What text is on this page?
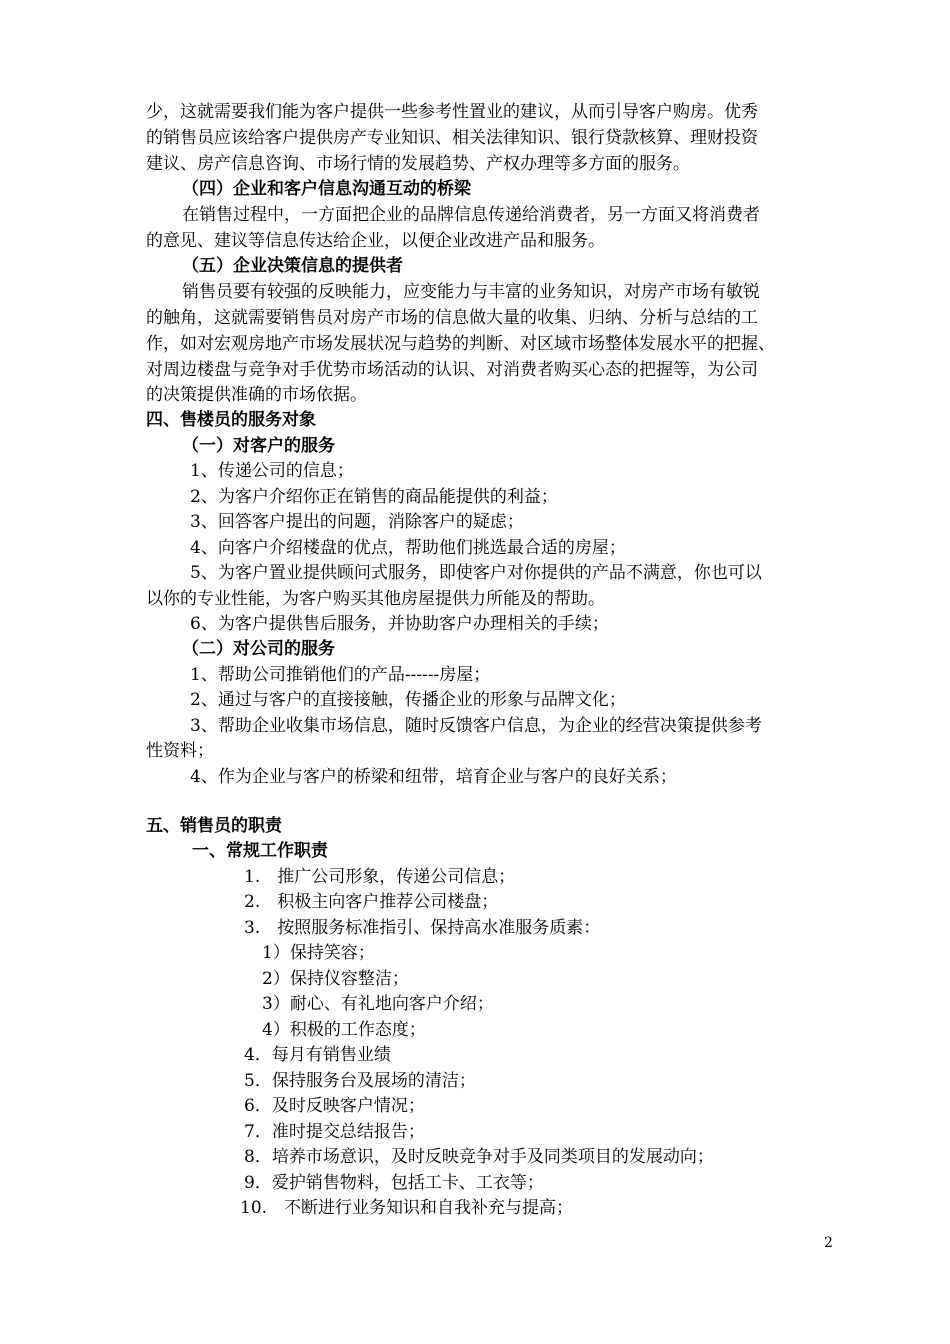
少，这就需要我们能为客户提供一些参考性置业的建议，从而引导客户购房。优秀
的销售员应该给客户提供房产专业知识、相关法律知识、银行贷款核算、理财投资
建议、房产信息咨询、市场行情的发展趋势、产权办理等多方面的服务。
（四）企业和客户信息沟通互动的桥梁
在销售过程中，一方面把企业的品牌信息传递给消费者，另一方面又将消费者
的意见、建议等信息传达给企业，以便企业改进产品和服务。
（五）企业决策信息的提供者
销售员要有较强的反映能力，应变能力与丰富的业务知识，对房产市场有敏锐
的触角，这就需要销售员对房产市场的信息做大量的收集、归纳、分析与总结的工
作，如对宏观房地产市场发展状况与趋势的判断、对区域市场整体发展水平的把握、
对周边楼盘与竞争对手优势市场活动的认识、对消费者购买心态的把握等，为公司
的决策提供准确的市场依据。
四、售楼员的服务对象
（一）对客户的服务
1、传递公司的信息；
2、为客户介绍你正在销售的商品能提供的利益；
3、回答客户提出的问题，消除客户的疑虑；
4、向客户介绍楼盘的优点，帮助他们挑选最合适的房屋；
5、为客户置业提供顾问式服务，即使客户对你提供的产品不满意，你也可以
以你的专业性能，为客户购买其他房屋提供力所能及的帮助。
6、为客户提供售后服务，并协助客户办理相关的手续；
（二）对公司的服务
1、帮助公司推销他们的产品------房屋；
2、通过与客户的直接接触，传播企业的形象与品牌文化；
3、帮助企业收集市场信息，随时反馈客户信息，为企业的经营决策提供参考
性资料；
4、作为企业与客户的桥梁和纽带，培育企业与客户的良好关系；
五、销售员的职责
一、常规工作职责
1.　推广公司形象，传递公司信息；
2.　积极主向客户推荐公司楼盘；
3.　按照服务标准指引、保持高水准服务质素：
1）保持笑容；
2）保持仪容整洁；
3）耐心、有礼地向客户介绍；
4）积极的工作态度；
4．每月有销售业绩
5．保持服务台及展场的清洁；
6．及时反映客户情况；
7．准时提交总结报告；
8．培养市场意识，及时反映竞争对手及同类项目的发展动向；
9．爱护销售物料，包括工卡、工衣等；
10.　不断进行业务知识和自我补充与提高；
2
